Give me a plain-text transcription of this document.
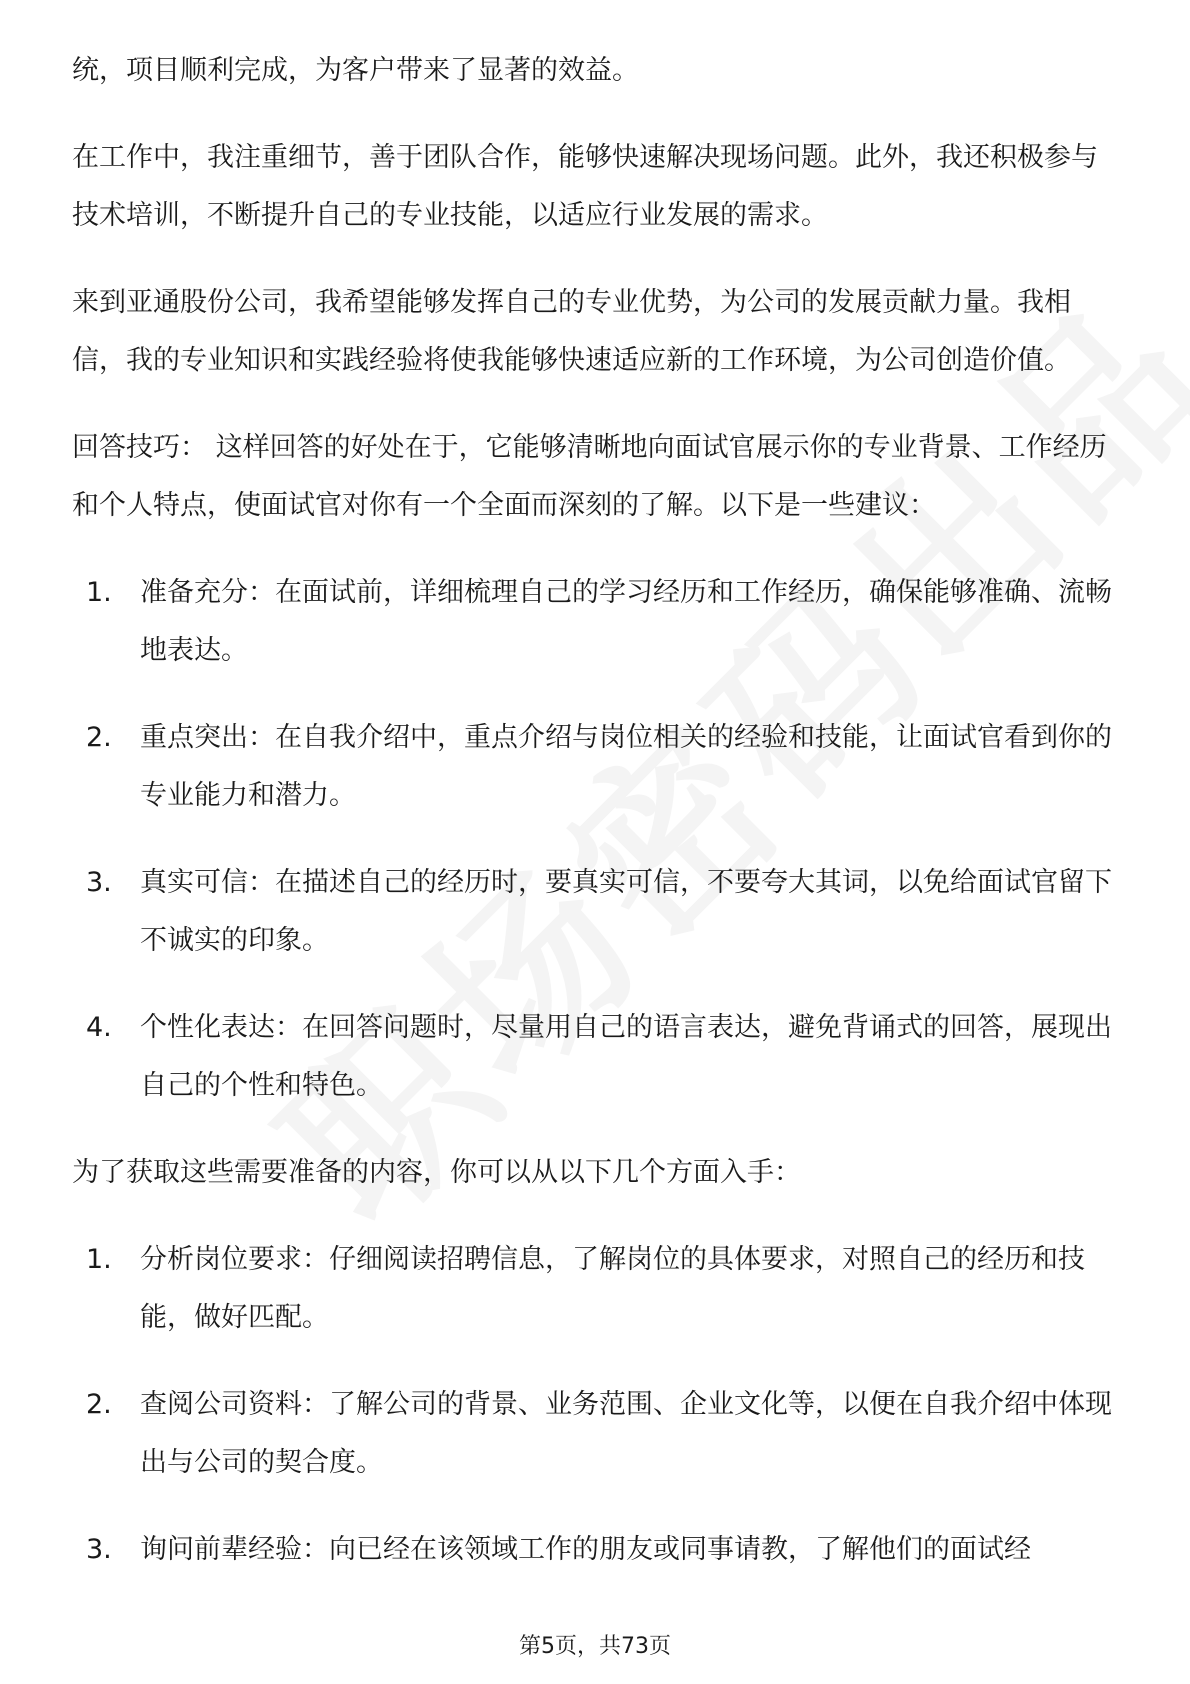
统，项目顺利完成，为客户带来了显著的效益。

在工作中，我注重细节，善于团队合作，能够快速解决现场问题。此外，我还积极参与技术培训，不断提升自己的专业技能，以适应行业发展的需求。

来到亚通股份公司，我希望能够发挥自己的专业优势，为公司的发展贡献力量。我相信，我的专业知识和实践经验将使我能够快速适应新的工作环境，为公司创造价值。

回答技巧： 这样回答的好处在于，它能够清晰地向面试官展示你的专业背景、工作经历和个人特点，使面试官对你有一个全面而深刻的了解。以下是一些建议：

1. 准备充分：在面试前，详细梳理自己的学习经历和工作经历，确保能够准确、流畅地表达。
2. 重点突出：在自我介绍中，重点介绍与岗位相关的经验和技能，让面试官看到你的专业能力和潜力。
3. 真实可信：在描述自己的经历时，要真实可信，不要夸大其词，以免给面试官留下不诚实的印象。
4. 个性化表达：在回答问题时，尽量用自己的语言表达，避免背诵式的回答，展现出自己的个性和特色。

为了获取这些需要准备的内容，你可以从以下几个方面入手：

1. 分析岗位要求：仔细阅读招聘信息，了解岗位的具体要求，对照自己的经历和技能，做好匹配。
2. 查阅公司资料：了解公司的背景、业务范围、企业文化等，以便在自我介绍中体现出与公司的契合度。
3. 询问前辈经验：向已经在该领域工作的朋友或同事请教，了解他们的面试经
第5页，共73页
